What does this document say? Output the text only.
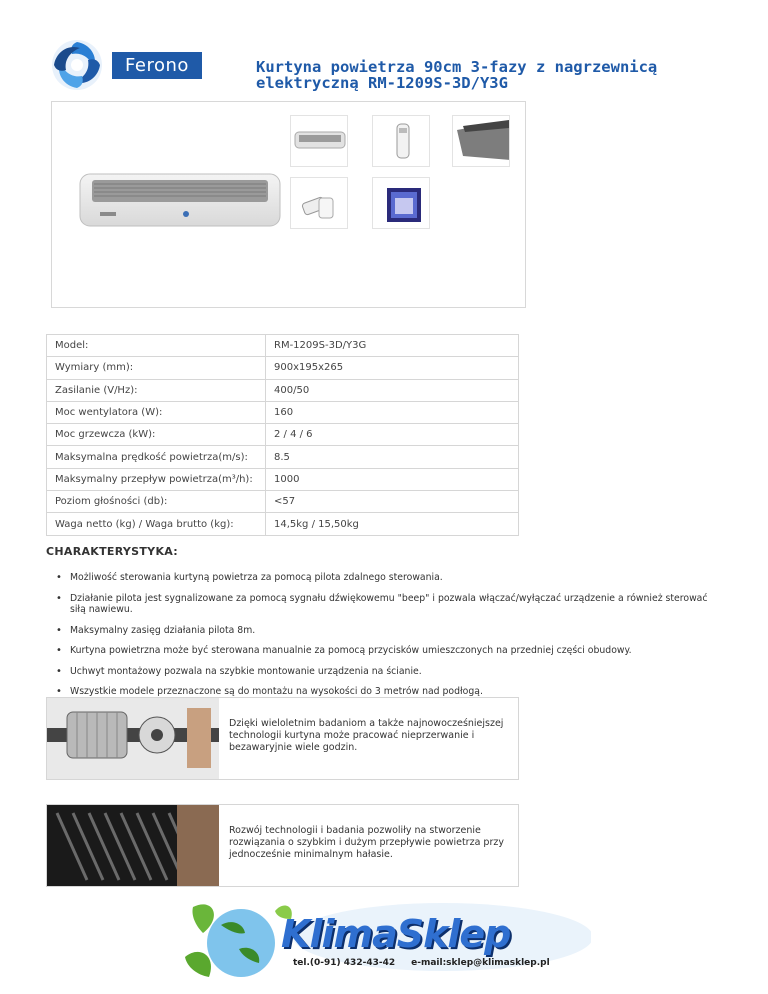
Ferono	Kurtyna powietrza 90cm 3-fazy z nagrzewnicą elektryczną RM-1209S-3D/Y3G
Model:	RM-1209S-3D/Y3G
Wymiary (mm):	900x195x265
Zasilanie (V/Hz):	400/50
Moc wentylatora (W):	160
Moc grzewcza (kW):	2 / 4 / 6
Maksymalna prędkość powietrza(m/s):	8.5
Maksymalny przepływ powietrza(m³/h):	1000
Poziom głośności (db):	<57
Waga netto (kg) / Waga brutto (kg):	14,5kg / 15,50kg
CHARAKTERYSTYKA:
• Możliwość sterowania kurtyną powietrza za pomocą pilota zdalnego sterowania.
• Działanie pilota jest sygnalizowane za pomocą sygnału dźwiękowemu "beep" i pozwala włączać/wyłączać urządzenie a również sterować siłą nawiewu.
• Maksymalny zasięg działania pilota 8m.
• Kurtyna powietrzna może być sterowana manualnie za pomocą przycisków umieszczonych na przedniej części obudowy.
• Uchwyt montażowy pozwala na szybkie montowanie urządzenia na ścianie.
• Wszystkie modele przeznaczone są do montażu na wysokości do 3 metrów nad podłogą.
Dzięki wieloletnim badaniom a także najnowocześniejszej technologii kurtyna może pracować nieprzerwanie i bezawaryjnie wiele godzin.
Rozwój technologii i badania pozwoliły na stworzenie rozwiązania o szybkim i dużym przepływie powietrza przy jednocześnie minimalnym hałasie.
KlimaSklep
tel.(0-91) 432-43-42 e-mail:sklep@klimasklep.pl
